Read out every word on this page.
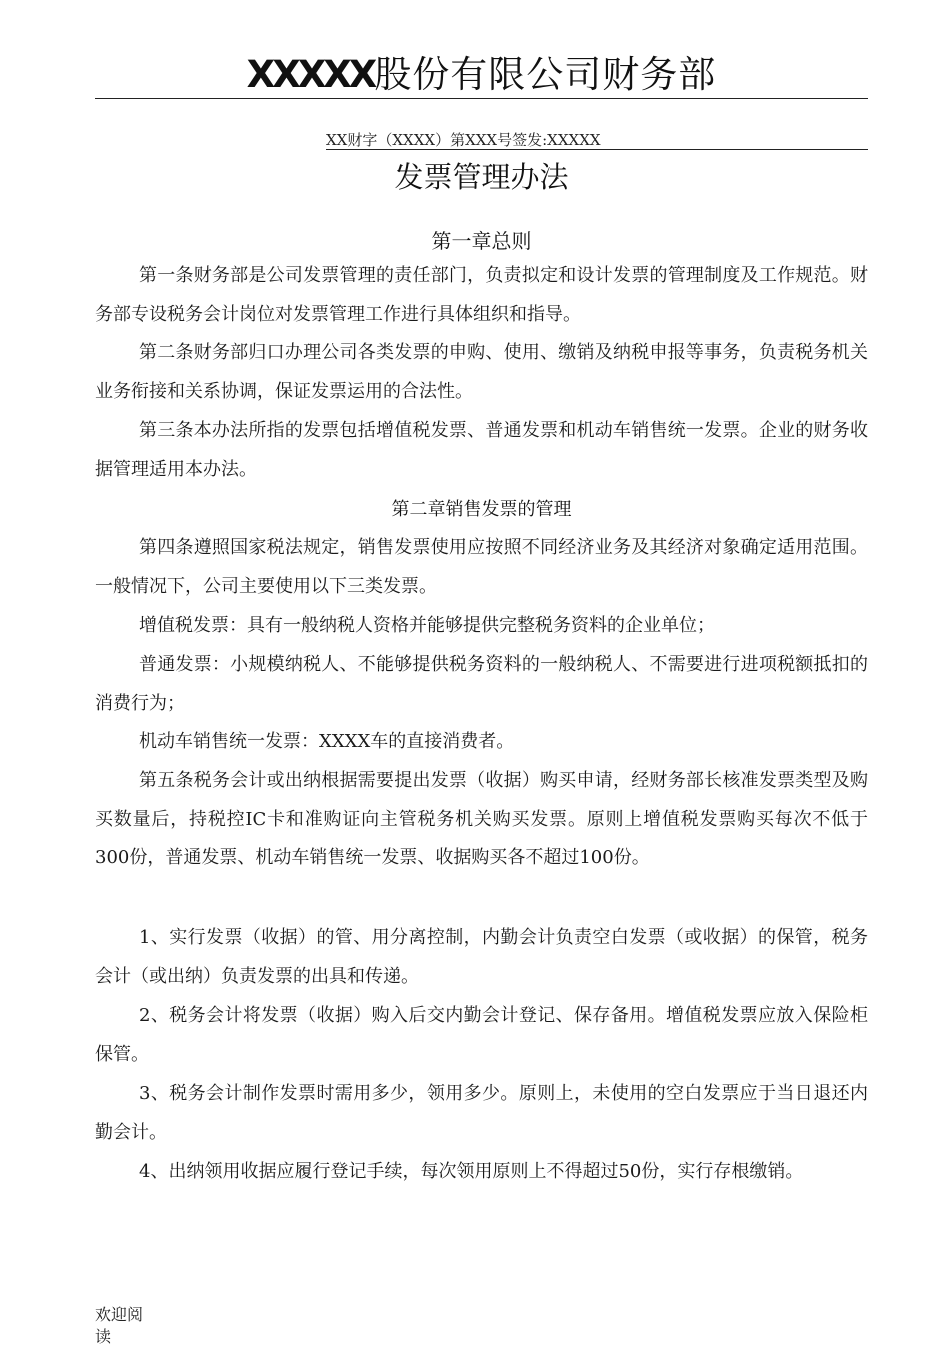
XXXXX股份有限公司财务部
XX财字（XXXX）第XXX号签发:XXXXX
发票管理办法
第一章总则

第一条财务部是公司发票管理的责任部门，负责拟定和设计发票的管理制度及工作规范。财务部专设税务会计岗位对发票管理工作进行具体组织和指导。

第二条财务部归口办理公司各类发票的申购、使用、缴销及纳税申报等事务，负责税务机关业务衔接和关系协调，保证发票运用的合法性。

第三条本办法所指的发票包括增值税发票、普通发票和机动车销售统一发票。企业的财务收据管理适用本办法。

第二章销售发票的管理

第四条遵照国家税法规定，销售发票使用应按照不同经济业务及其经济对象确定适用范围。一般情况下，公司主要使用以下三类发票。

增值税发票：具有一般纳税人资格并能够提供完整税务资料的企业单位；

普通发票：小规模纳税人、不能够提供税务资料的一般纳税人、不需要进行进项税额抵扣的消费行为；

机动车销售统一发票：XXXX车的直接消费者。

第五条税务会计或出纳根据需要提出发票（收据）购买申请，经财务部长核准发票类型及购买数量后，持税控IC卡和准购证向主管税务机关购买发票。原则上增值税发票购买每次不低于300份，普通发票、机动车销售统一发票、收据购买各不超过100份。

1、实行发票（收据）的管、用分离控制，内勤会计负责空白发票（或收据）的保管，税务会计（或出纳）负责发票的出具和传递。

2、税务会计将发票（收据）购入后交内勤会计登记、保存备用。增值税发票应放入保险柜保管。

3、税务会计制作发票时需用多少，领用多少。原则上，未使用的空白发票应于当日退还内勤会计。

4、出纳领用收据应履行登记手续，每次领用原则上不得超过50份，实行存根缴销。

欢迎阅读
